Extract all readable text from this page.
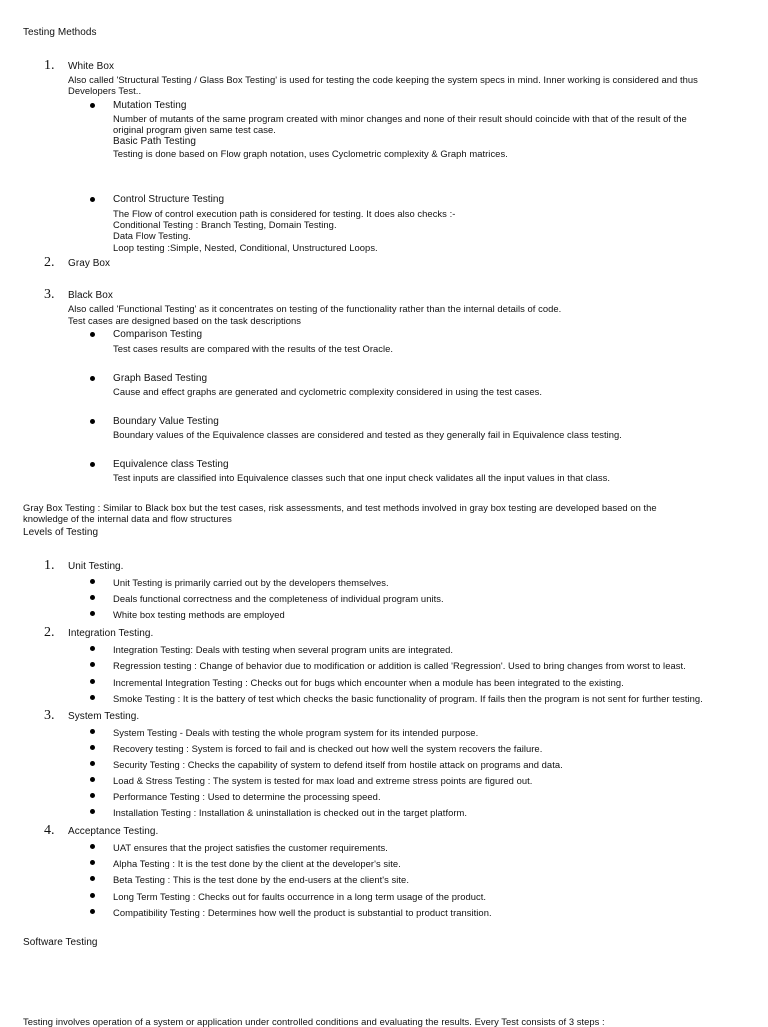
Testing Methods
1. White Box
Also called 'Structural Testing / Glass Box Testing' is used for testing the code keeping the system specs in mind. Inner working is considered and thus
Developers Test..
Mutation Testing
Number of mutants of the same program created with minor changes and none of their result should coincide with that of the result of the
original program given same test case.
Basic Path Testing
Testing is done based on Flow graph notation, uses Cyclometric complexity & Graph matrices.
Control Structure Testing
The Flow of control execution path is considered for testing. It does also checks :-
Conditional Testing : Branch Testing, Domain Testing.
Data Flow Testing.
Loop testing :Simple, Nested, Conditional, Unstructured Loops.
2. Gray Box
3. Black Box
Also called 'Functional Testing' as it concentrates on testing of the functionality rather than the internal details of code.
Test cases are designed based on the task descriptions
Comparison Testing
Test cases results are compared with the results of the test Oracle.
Graph Based Testing
Cause and effect graphs are generated and cyclometric complexity considered in using the test cases.
Boundary Value Testing
Boundary values of the Equivalence classes are considered and tested as they generally fail in Equivalence class testing.
Equivalence class Testing
Test inputs are classified into Equivalence classes such that one input check validates all the input values in that class.
Gray Box Testing : Similar to Black box but the test cases, risk assessments, and test methods involved in gray box testing are developed based on the
knowledge of the internal data and flow structures
Levels of Testing
1. Unit Testing.
Unit Testing is primarily carried out by the developers themselves.
Deals functional correctness and the completeness of individual program units.
White box testing methods are employed
2. Integration Testing.
Integration Testing: Deals with testing when several program units are integrated.
Regression testing : Change of behavior due to modification or addition is called 'Regression'. Used to bring changes from worst to least.
Incremental Integration Testing : Checks out for bugs which encounter when a module has been integrated to the existing.
Smoke Testing : It is the battery of test which checks the basic functionality of program. If fails then the program is not sent for further testing.
3. System Testing.
System Testing - Deals with testing the whole program system for its intended purpose.
Recovery testing : System is forced to fail and is checked out how well the system recovers the failure.
Security Testing : Checks the capability of system to defend itself from hostile attack on programs and data.
Load & Stress Testing : The system is tested for max load and extreme stress points are figured out.
Performance Testing : Used to determine the processing speed.
Installation Testing : Installation & uninstallation is checked out in the target platform.
4. Acceptance Testing.
UAT ensures that the project satisfies the customer requirements.
Alpha Testing : It is the test done by the client at the developer's site.
Beta Testing : This is the test done by the end-users at the client's site.
Long Term Testing : Checks out for faults occurrence in a long term usage of the product.
Compatibility Testing : Determines how well the product is substantial to product transition.
Software Testing
Testing involves operation of a system or application under controlled conditions and evaluating the results. Every Test consists of 3 steps :
